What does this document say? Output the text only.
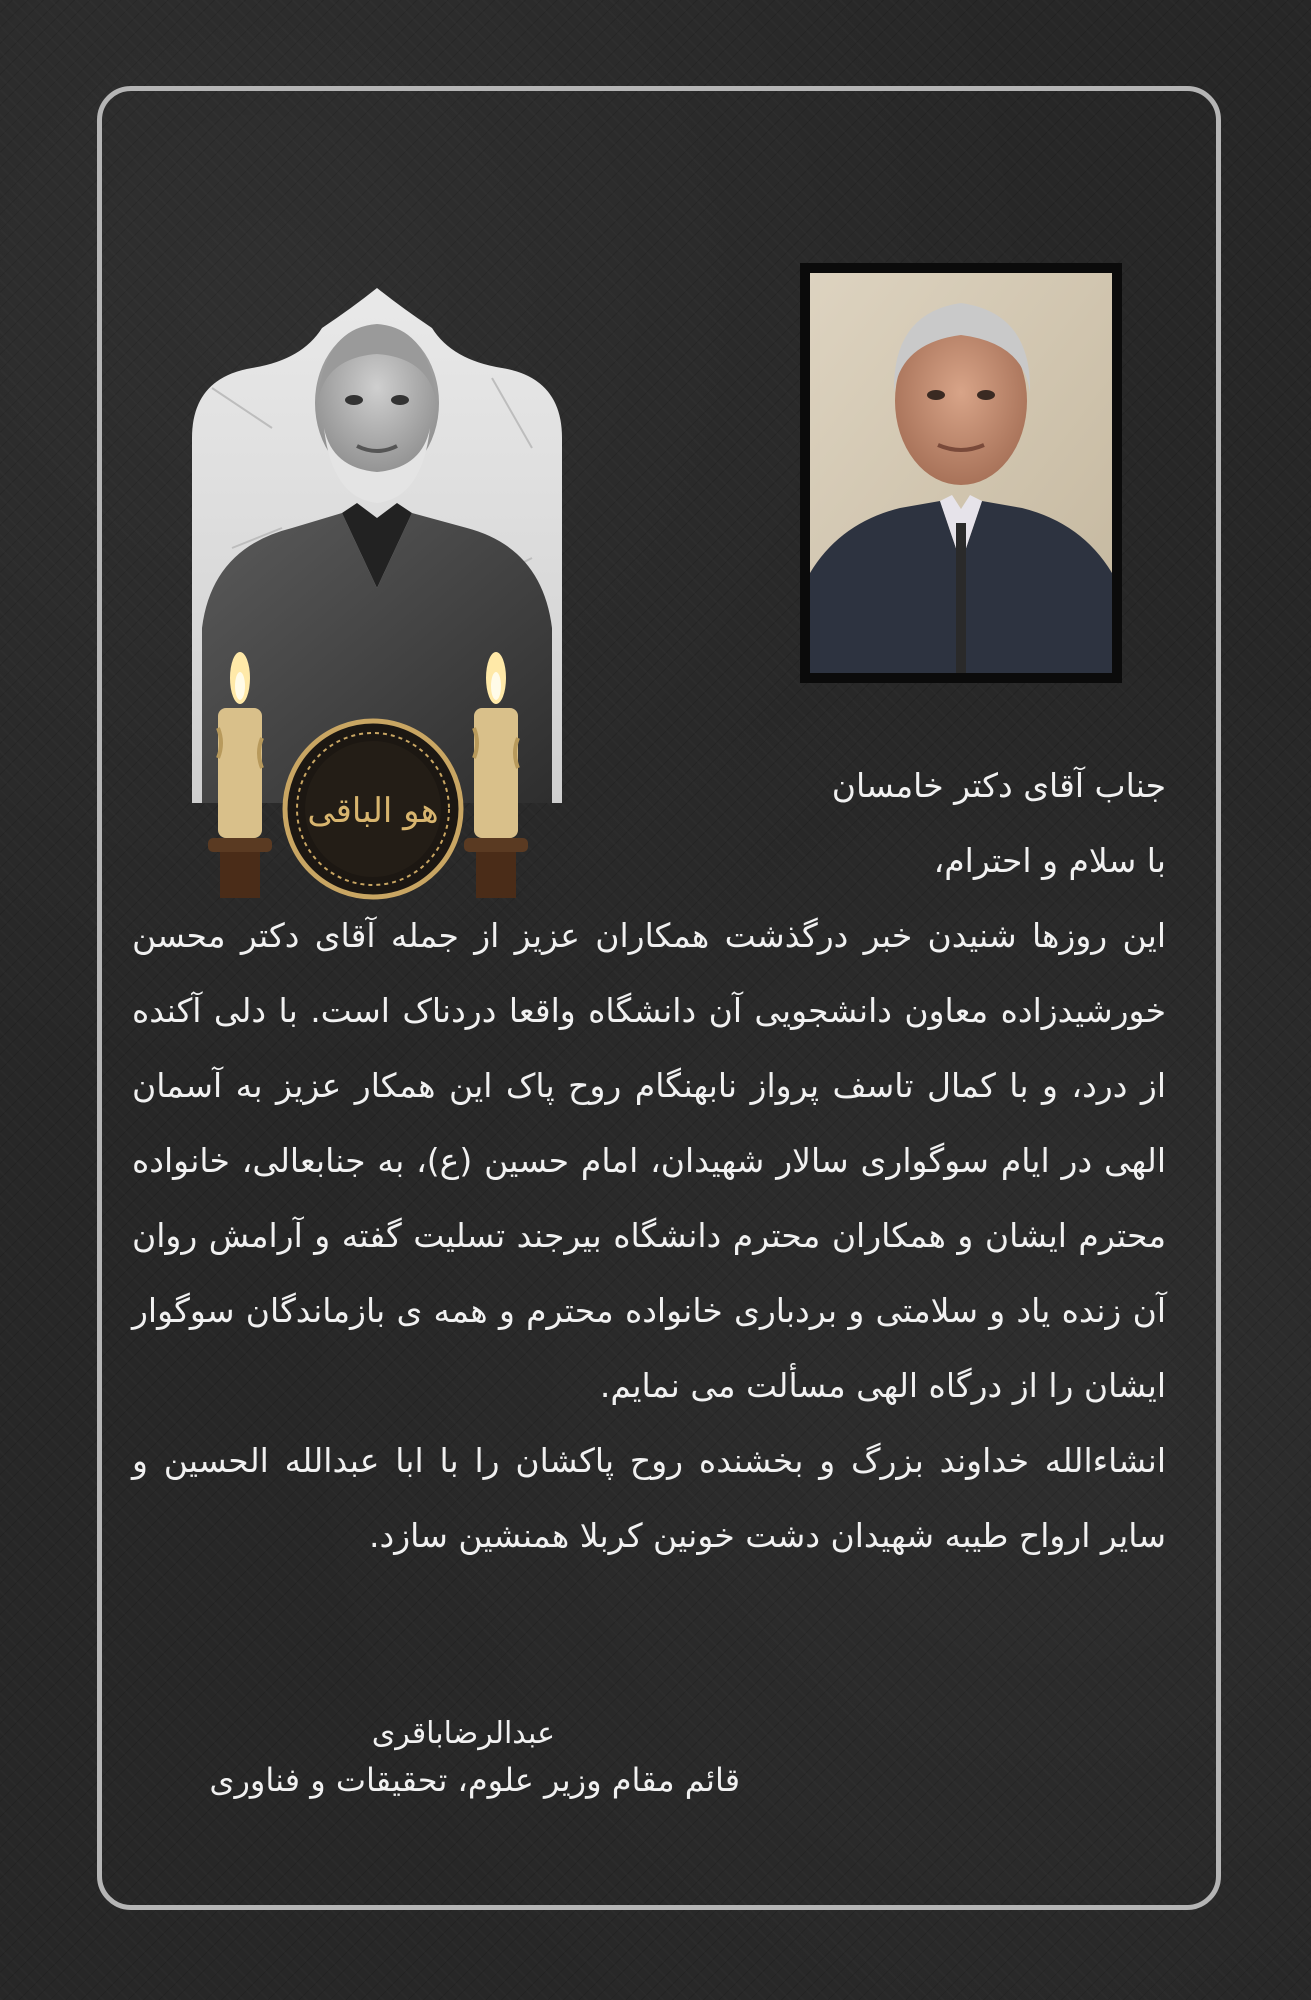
هو الباقی
جناب آقای دکتر خامسان
با سلام و احترام،

این روزها شنیدن خبر درگذشت همکاران عزیز از جمله آقای دکتر محسن خورشیدزاده معاون دانشجویی آن دانشگاه واقعا دردناک است. با دلی آکنده از درد، و با کمال تاسف پرواز نابهنگام روح پاک این همکار عزیز به آسمان الهی در ایام سوگواری سالار شهیدان، امام حسین (ع)، به جنابعالی، خانواده محترم ایشان و همکاران محترم دانشگاه بیرجند تسلیت گفته و آرامش روان آن زنده یاد و سلامتی و بردباری خانواده محترم و همه ی بازماندگان سوگوار ایشان را از درگاه الهی مسألت می نمایم.

انشاءالله خداوند بزرگ و بخشنده روح پاکشان را با ابا عبدالله الحسین و سایر ارواح طیبه شهیدان دشت خونین کربلا همنشین سازد.

عبدالرضاباقری
قائم مقام وزیر علوم، تحقیقات و فناوری
